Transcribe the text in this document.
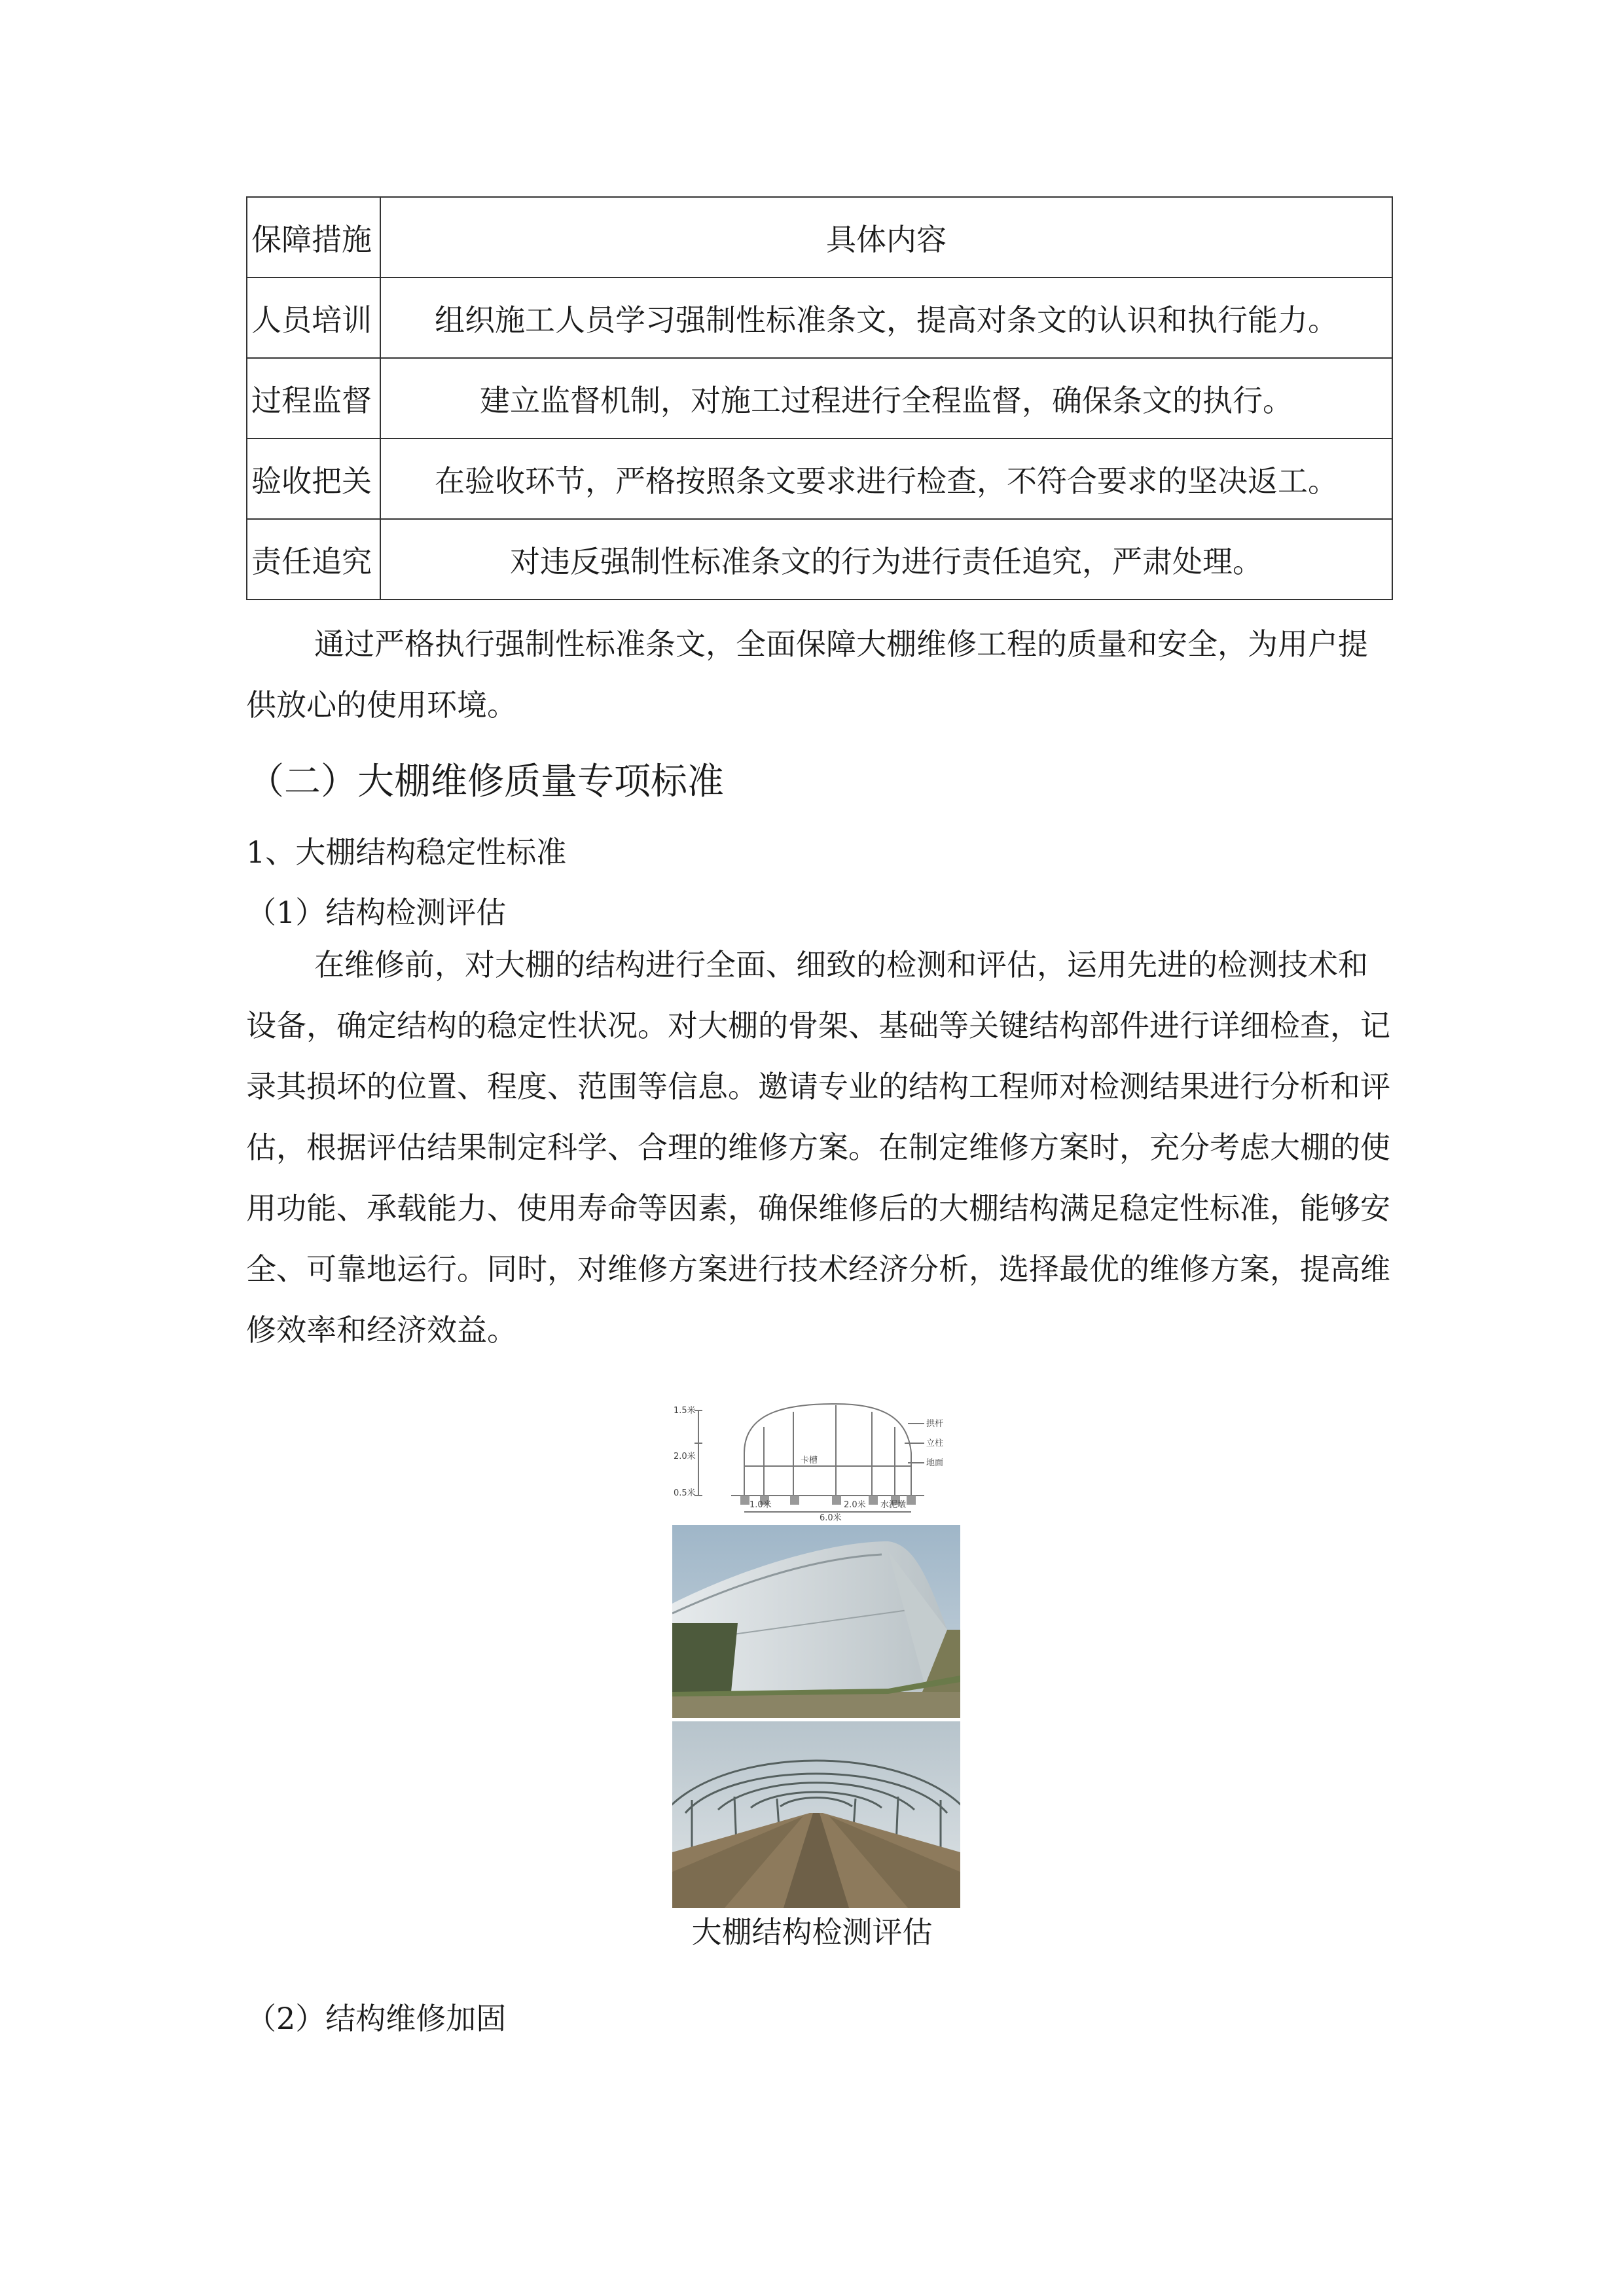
保障措施	具体内容
人员培训	组织施工人员学习强制性标准条文，提高对条文的认识和执行能力。
过程监督	建立监督机制，对施工过程进行全程监督，确保条文的执行。
验收把关	在验收环节，严格按照条文要求进行检查，不符合要求的坚决返工。
责任追究	对违反强制性标准条文的行为进行责任追究，严肃处理。

通过严格执行强制性标准条文，全面保障大棚维修工程的质量和安全，为用户提供放心的使用环境。

（二）大棚维修质量专项标准
1、大棚结构稳定性标准
（1）结构检测评估

在维修前，对大棚的结构进行全面、细致的检测和评估，运用先进的检测技术和设备，确定结构的稳定性状况。对大棚的骨架、基础等关键结构部件进行详细检查，记录其损坏的位置、程度、范围等信息。邀请专业的结构工程师对检测结果进行分析和评估，根据评估结果制定科学、合理的维修方案。在制定维修方案时，充分考虑大棚的使用功能、承载能力、使用寿命等因素，确保维修后的大棚结构满足稳定性标准，能够安全、可靠地运行。同时，对维修方案进行技术经济分析，选择最优的维修方案，提高维修效率和经济效益。

1.5米
2.0米
0.5米
1.0米	2.0米
6.0米
拱杆
立柱
地面
卡槽
水泥墩
大棚结构检测评估
（2）结构维修加固
